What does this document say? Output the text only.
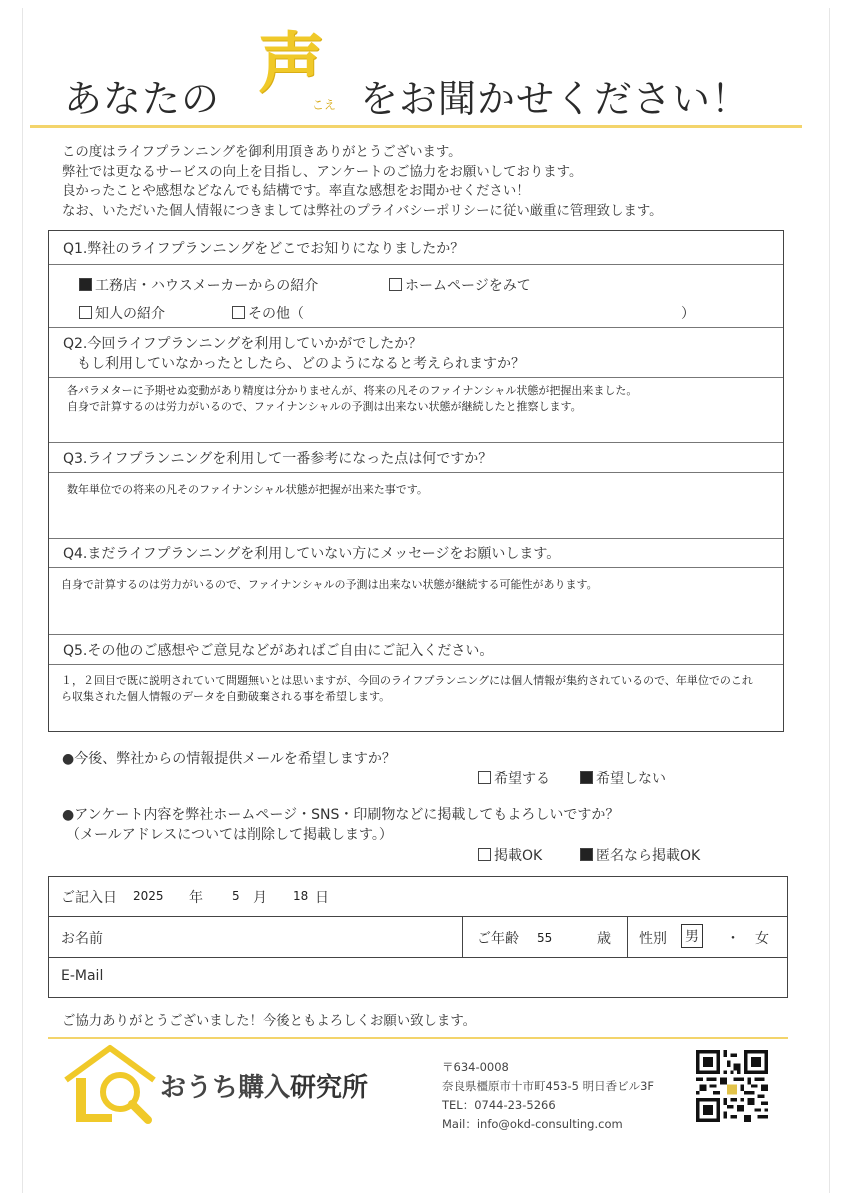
あなたの 声
こえ をお聞かせください！
この度はライフプランニングを御利用頂きありがとうございます。
弊社では更なるサービスの向上を目指し、アンケートのご協力をお願いしております。
良かったことや感想などなんでも結構です。率直な感想をお聞かせください！
なお、いただいた個人情報につきましては弊社のプライバシーポリシーに従い厳重に管理致します。
Q1.弊社のライフプランニングをどこでお知りになりましたか？
工務店・ハウスメーカーからの紹介	ホームページをみて
知人の紹介	その他（	）
Q2.今回ライフプランニングを利用していかがでしたか？
もし利用していなかったとしたら、どのようになると考えられますか？
各パラメターに予期せぬ変動があり精度は分かりませんが、将来の凡そのファイナンシャル状態が把握出来ました。
自身で計算するのは労力がいるので、ファイナンシャルの予測は出来ない状態が継続したと推察します。
Q3.ライフプランニングを利用して一番参考になった点は何ですか？
数年単位での将来の凡そのファイナンシャル状態が把握が出来た事です。
Q4.まだライフプランニングを利用していない方にメッセージをお願いします。
自身で計算するのは労力がいるので、ファイナンシャルの予測は出来ない状態が継続する可能性があります。
Q5.その他のご感想やご意見などがあればご自由にご記入ください。
１，２回目で既に説明されていて問題無いとは思いますが、今回のライフプランニングには個人情報が集約されているので、年単位でのこれ
ら収集された個人情報のデータを自動破棄される事を希望します。
●今後、弊社からの情報提供メールを希望しますか？
希望する	希望しない
●アンケート内容を弊社ホームページ・SNS・印刷物などに掲載してもよろしいですか？
（メールアドレスについては削除して掲載します。）
掲載OK	匿名なら掲載OK
ご記入日 2025 年 5 月 18 日
お名前	ご年齢 55	歳 性別 男 ・ 女
E-Mail
ご協力ありがとうございました！今後ともよろしくお願い致します。
おうち購入研究所
〒634-0008
奈良県橿原市十市町453-5 明日香ビル3F
TEL：0744-23-5266
Mail：info@okd-consulting.com
